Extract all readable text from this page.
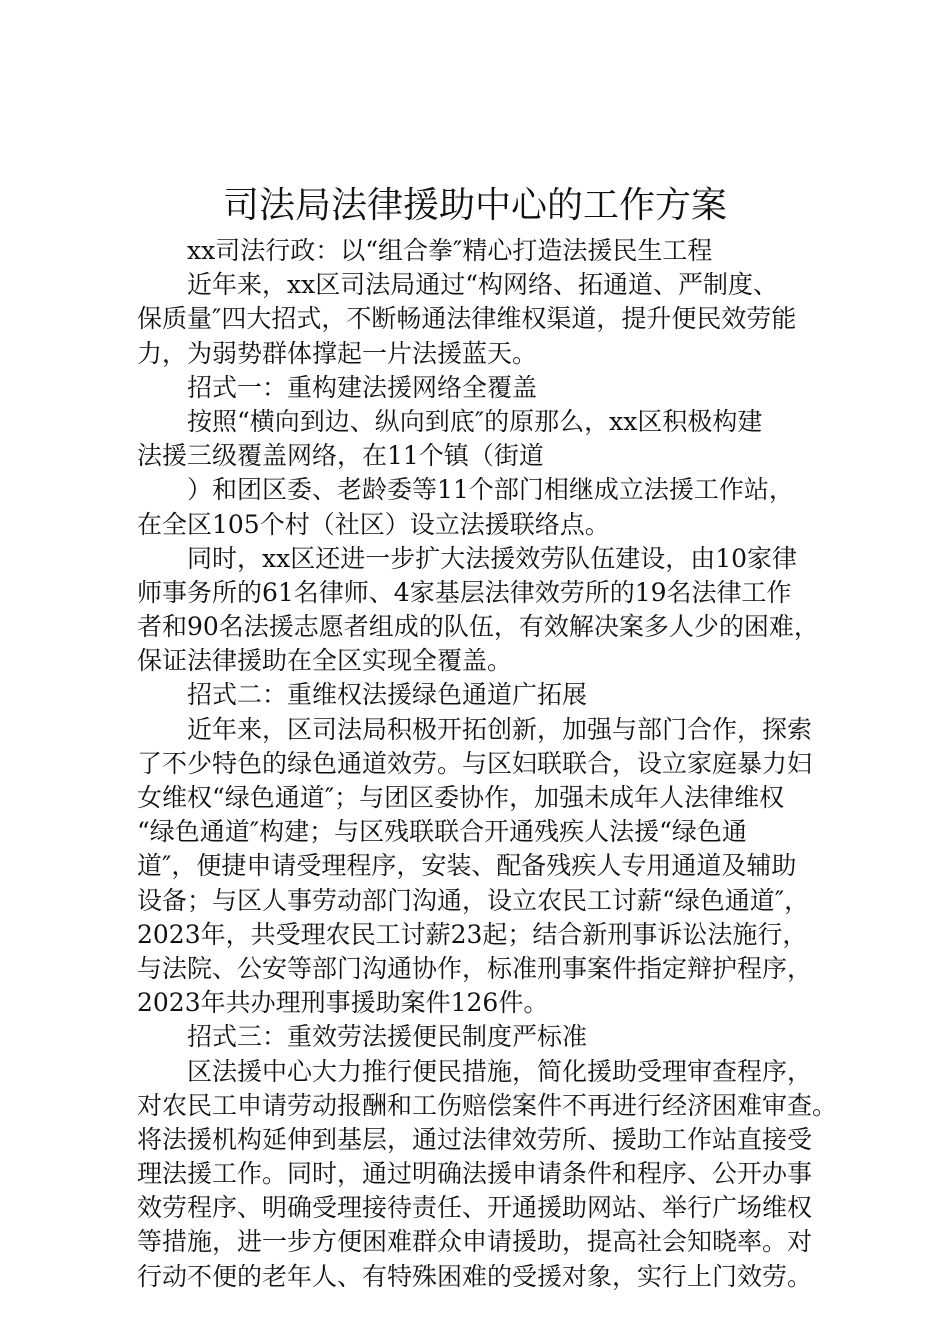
司法局法律援助中心的工作方案
xx司法行政：以“组合拳″精心打造法援民生工程
近年来，xx区司法局通过“构网络、拓通道、严制度、
保质量″四大招式，不断畅通法律维权渠道，提升便民效劳能
力，为弱势群体撑起一片法援蓝天。
招式一：重构建法援网络全覆盖
按照“横向到边、纵向到底″的原那么，xx区积极构建
法援三级覆盖网络，在11个镇（街道
）和团区委、老龄委等11个部门相继成立法援工作站，
在全区105个村（社区）设立法援联络点。
同时，xx区还进一步扩大法援效劳队伍建设，由10家律
师事务所的61名律师、4家基层法律效劳所的19名法律工作
者和90名法援志愿者组成的队伍，有效解决案多人少的困难，
保证法律援助在全区实现全覆盖。
招式二：重维权法援绿色通道广拓展
近年来，区司法局积极开拓创新，加强与部门合作，探索
了不少特色的绿色通道效劳。与区妇联联合，设立家庭暴力妇
女维权“绿色通道″；与团区委协作，加强未成年人法律维权
“绿色通道″构建；与区残联联合开通残疾人法援“绿色通
道″，便捷申请受理程序，安装、配备残疾人专用通道及辅助
设备；与区人事劳动部门沟通，设立农民工讨薪“绿色通道″，
2023年，共受理农民工讨薪23起；结合新刑事诉讼法施行，
与法院、公安等部门沟通协作，标准刑事案件指定辩护程序，
2023年共办理刑事援助案件126件。
招式三：重效劳法援便民制度严标准
区法援中心大力推行便民措施，简化援助受理审查程序，
对农民工申请劳动报酬和工伤赔偿案件不再进行经济困难审查。
将法援机构延伸到基层，通过法律效劳所、援助工作站直接受
理法援工作。同时，通过明确法援申请条件和程序、公开办事
效劳程序、明确受理接待责任、开通援助网站、举行广场维权
等措施，进一步方便困难群众申请援助，提高社会知晓率。对
行动不便的老年人、有特殊困难的受援对象，实行上门效劳。
